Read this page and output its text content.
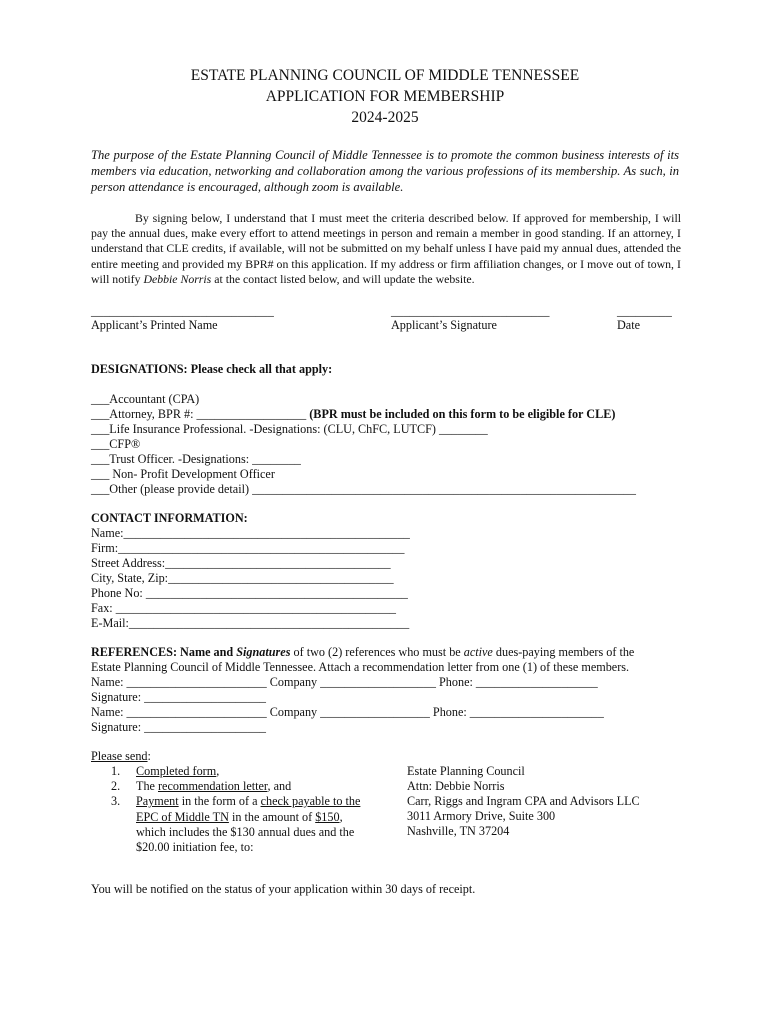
ESTATE PLANNING COUNCIL OF MIDDLE TENNESSEE
APPLICATION FOR MEMBERSHIP
2024-2025
The purpose of the Estate Planning Council of Middle Tennessee is to promote the common business interests of its members via education, networking and collaboration among the various professions of its membership. As such, in person attendance is encouraged, although zoom is available.

By signing below, I understand that I must meet the criteria described below. If approved for membership, I will pay the annual dues, make every effort to attend meetings in person and remain a member in good standing. If an attorney, I understand that CLE credits, if available, will not be submitted on my behalf unless I have paid my annual dues, attended the entire meeting and provided my BPR# on this application. If my address or firm affiliation changes, or I move out of town, I will notify Debbie Norris at the contact listed below, and will update the website.

______________________________
Applicant’s Printed Name
__________________________
Applicant’s Signature
_________
Date
DESIGNATIONS: Please check all that apply:
___Accountant (CPA)
___Attorney, BPR #: __________________ (BPR must be included on this form to be eligible for CLE)
___Life Insurance Professional. -Designations: (CLU, ChFC, LUTCF) ________
___CFP®
___Trust Officer. -Designations: ________
___ Non- Profit Development Officer
___Other (please provide detail) _______________________________________________________________
CONTACT INFORMATION:
Name:_______________________________________________
Firm:_______________________________________________
Street Address:_____________________________________
City, State, Zip:_____________________________________
Phone No: ___________________________________________
Fax: ______________________________________________
E-Mail:______________________________________________
REFERENCES: Name and Signatures of two (2) references who must be active dues-paying members of the
Estate Planning Council of Middle Tennessee. Attach a recommendation letter from one (1) of these members.
Name: _______________________ Company ___________________ Phone: ____________________
Signature: ____________________
Name: _______________________ Company __________________ Phone: ______________________
Signature: ____________________
Please send:
1. Completed form,
2. The recommendation letter, and
3. Payment in the form of a check payable to the EPC of Middle TN in the amount of $150, which includes the $130 annual dues and the $20.00 initiation fee, to:
Estate Planning Council
Attn: Debbie Norris
Carr, Riggs and Ingram CPA and Advisors LLC
3011 Armory Drive, Suite 300
Nashville, TN 37204
You will be notified on the status of your application within 30 days of receipt.
